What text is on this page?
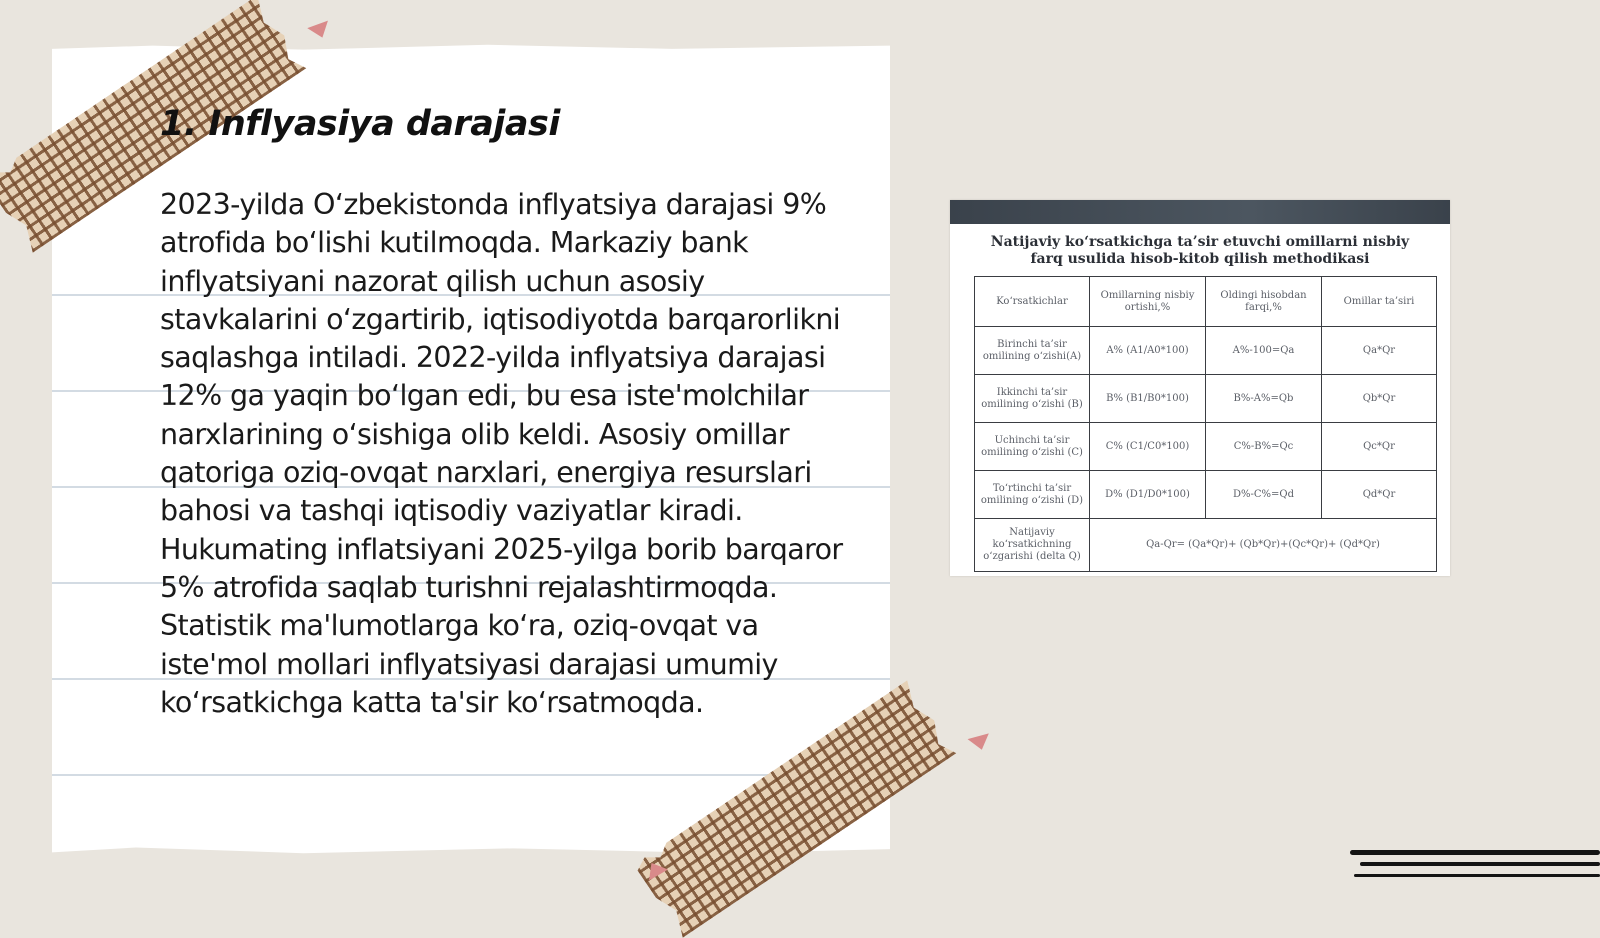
1. Inflyasiya darajasi

2023-yilda O‘zbekistonda inflyatsiya darajasi 9% atrofida bo‘lishi kutilmoqda. Markaziy bank inflyatsiyani nazorat qilish uchun asosiy stavkalarini o‘zgartirib, iqtisodiyotda barqarorlikni saqlashga intiladi. 2022-yilda inflyatsiya darajasi 12% ga yaqin bo‘lgan edi, bu esa iste'molchilar narxlarining o‘sishiga olib keldi. Asosiy omillar qatoriga oziq-ovqat narxlari, energiya resurslari bahosi va tashqi iqtisodiy vaziyatlar kiradi. Hukumating inflatsiyani 2025-yilga borib barqaror 5% atrofida saqlab turishni rejalashtirmoqda. Statistik ma'lumotlarga ko‘ra, oziq-ovqat va iste'mol mollari inflyatsiyasi darajasi umumiy ko‘rsatkichga katta ta'sir ko‘rsatmoqda.

Natijaviy ko‘rsatkichga ta’sir etuvchi omillarni nisbiy farq usulida hisob-kitob qilish methodikasi
Ko‘rsatkichlar	Omillarning nisbiy ortishi,%	Oldingi hisobdan farqi,%	Omillar ta’siri
Birinchi ta’sir omilining o‘zishi(A)	A% (A1/A0*100)	A%-100=Qa	Qa*Qr
Ikkinchi ta’sir omilining o‘zishi (B)	B% (B1/B0*100)	B%-A%=Qb	Qb*Qr
Uchinchi ta’sir omilining o‘zishi (C)	C% (C1/C0*100)	C%-B%=Qc	Qc*Qr
To‘rtinchi ta’sir omilining o‘zishi (D)	D% (D1/D0*100)	D%-C%=Qd	Qd*Qr
Natijaviy ko‘rsatkichning o‘zgarishi (delta Q)	Qa-Qr= (Qa*Qr)+ (Qb*Qr)+(Qc*Qr)+ (Qd*Qr)		
